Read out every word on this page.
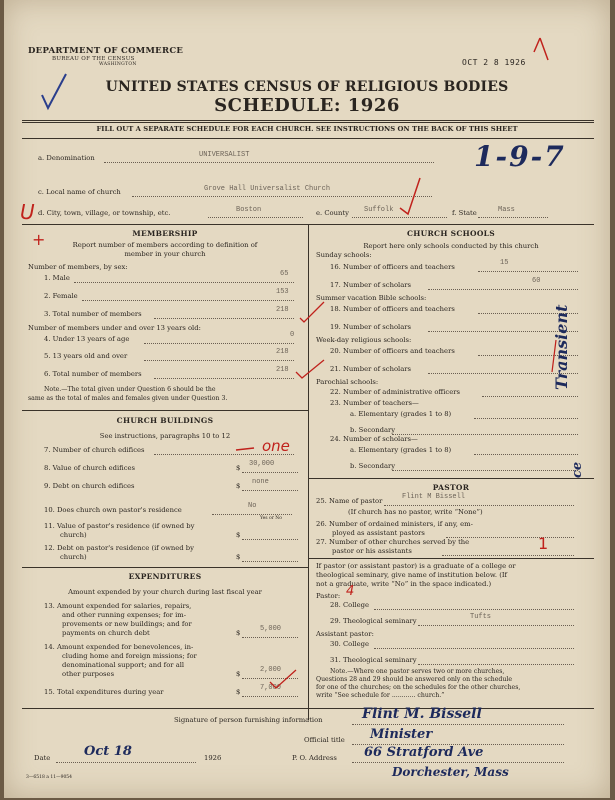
DEPARTMENT OF COMMERCE
BUREAU OF THE CENSUS
WASHINGTON	OCT 2 8 1926
UNITED STATES CENSUS OF RELIGIOUS BODIES
SCHEDULE: 1926
FILL OUT A SEPARATE SCHEDULE FOR EACH CHURCH. SEE INSTRUCTIONS ON THE BACK OF THIS SHEET
a. Denomination	UNIVERSALIST
c. Local name of church	Grove Hall Universalist Church
d. City, town, village, or township, etc.	Boston	e. County Suffolk	f. State	Mass
1-9-7
MEMBERSHIP
Report number of members according to definition of
member in your church
Number of members, by sex:
1. Male	65
2. Female	153
3. Total number of members	218
Number of members under and over 13 years old:
4. Under 13 years of age	0
5. 13 years old and over	218
6. Total number of members	218
Note.—The total given under Question 6 should be the
same as the total of males and females given under Question 3.
CHURCH BUILDINGS
See instructions, paragraphs 10 to 12
7. Number of church edifices	one
8. Value of church edifices	$ 30,000
9. Debt on church edifices	$ none
10. Does church own pastor's residence	No
Yes or No
11. Value of pastor's residence (if owned by
church)	$
12. Debt on pastor's residence (if owned by
church)	$
EXPENDITURES
Amount expended by your church during last fiscal year
13. Amount expended for salaries, repairs,
and other running expenses; for im-
provements or new buildings; and for
payments on church debt	$	5,000
14. Amount expended for benevolences, in-
cluding home and foreign missions; for
denominational support; and for all
other purposes	$	2,000
15. Total expenditures during year	$	7,000
CHURCH SCHOOLS
Report here only schools conducted by this church
Sunday schools:
16. Number of officers and teachers	15
17. Number of scholars	60
Summer vacation Bible schools:
18. Number of officers and teachers
19. Number of scholars
Week-day religious schools:
20. Number of officers and teachers
21. Number of scholars
Parochial schools:
22. Number of administrative officers
23. Number of teachers—
a. Elementary (grades 1 to 8)
b. Secondary
24. Number of scholars—
a. Elementary (grades 1 to 8)
b. Secondary
PASTOR
25. Name of pastor	Flint M Bissell
(If church has no pastor, write “None”)
26. Number of ordained ministers, if any, em-
ployed as assistant pastors
27. Number of other churches served by the
pastor or his assistants	1
If pastor (or assistant pastor) is a graduate of a college or
theological seminary, give name of institution below. (If
not a graduate, write “No” in the space indicated.)
Pastor: 4
28. College
29. Theological seminary	Tufts
Assistant pastor:
30. College
31. Theological seminary
Note.—Where one pastor serves two or more churches,
Questions 28 and 29 should be answered only on the schedule
for one of the churches; on the schedules for the other churches,
write “See schedule for ............ church.”
Signature of person furnishing information	Flint M. Bissell
Official title Minister
Date	Oct 18	1926	P. O. Address 66 Stratford Ave
Dorchester, Mass
3—6518 a 11—9054
Transient
ce
U
+
